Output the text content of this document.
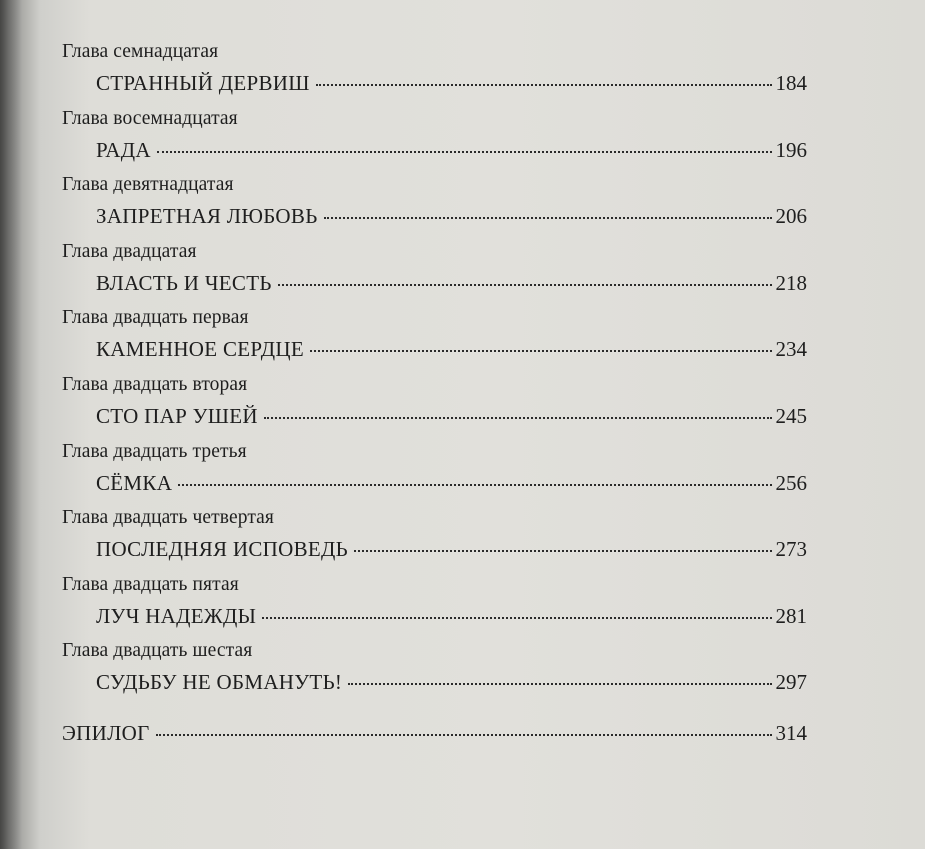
Глава семнадцатая
СТРАННЫЙ ДЕРВИШ	184
Глава восемнадцатая
РАДА	196
Глава девятнадцатая
ЗАПРЕТНАЯ ЛЮБОВЬ	206
Глава двадцатая
ВЛАСТЬ И ЧЕСТЬ	218
Глава двадцать первая
КАМЕННОЕ СЕРДЦЕ	234
Глава двадцать вторая
СТО ПАР УШЕЙ	245
Глава двадцать третья
СЁМКА	256
Глава двадцать четвертая
ПОСЛЕДНЯЯ ИСПОВЕДЬ	273
Глава двадцать пятая
ЛУЧ НАДЕЖДЫ	281
Глава двадцать шестая
СУДЬБУ НЕ ОБМАНУТЬ!	297
ЭПИЛОГ	314
